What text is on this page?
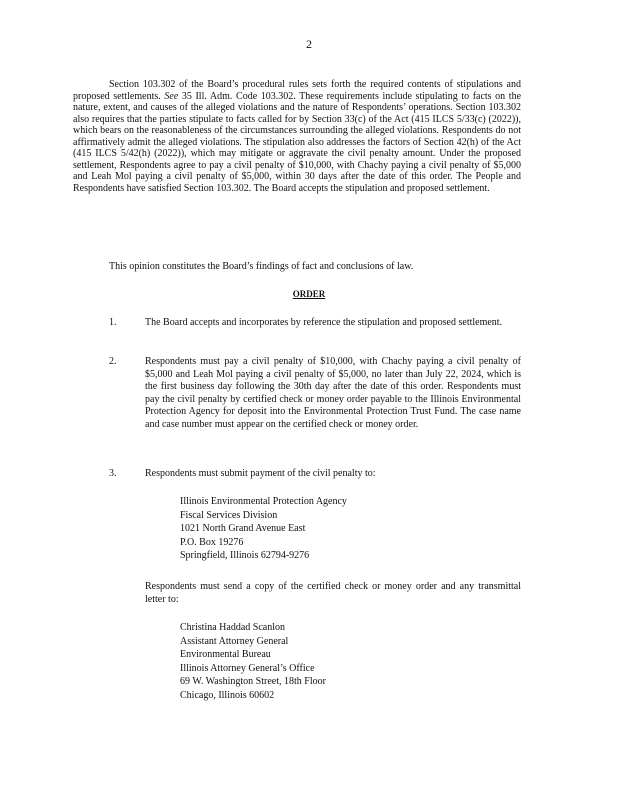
2

Section 103.302 of the Board’s procedural rules sets forth the required contents of stipulations and proposed settlements. See 35 Ill. Adm. Code 103.302. These requirements include stipulating to facts on the nature, extent, and causes of the alleged violations and the nature of Respondents’ operations. Section 103.302 also requires that the parties stipulate to facts called for by Section 33(c) of the Act (415 ILCS 5/33(c) (2022)), which bears on the reasonableness of the circumstances surrounding the alleged violations. Respondents do not affirmatively admit the alleged violations. The stipulation also addresses the factors of Section 42(h) of the Act (415 ILCS 5/42(h) (2022)), which may mitigate or aggravate the civil penalty amount. Under the proposed settlement, Respondents agree to pay a civil penalty of $10,000, with Chachy paying a civil penalty of $5,000 and Leah Mol paying a civil penalty of $5,000, within 30 days after the date of this order. The People and Respondents have satisfied Section 103.302. The Board accepts the stipulation and proposed settlement.

This opinion constitutes the Board’s findings of fact and conclusions of law.

ORDER
1.	The Board accepts and incorporates by reference the stipulation and proposed settlement.
2.	Respondents must pay a civil penalty of $10,000, with Chachy paying a civil penalty of $5,000 and Leah Mol paying a civil penalty of $5,000, no later than July 22, 2024, which is the first business day following the 30th day after the date of this order. Respondents must pay the civil penalty by certified check or money order payable to the Illinois Environmental Protection Agency for deposit into the Environmental Protection Trust Fund. The case name and case number must appear on the certified check or money order.
3.	Respondents must submit payment of the civil penalty to:
Illinois Environmental Protection Agency
Fiscal Services Division
1021 North Grand Avenue East
P.O. Box 19276
Springfield, Illinois 62794-9276
Respondents must send a copy of the certified check or money order and any transmittal letter to:
Christina Haddad Scanlon
Assistant Attorney General
Environmental Bureau
Illinois Attorney General’s Office
69 W. Washington Street, 18th Floor
Chicago, Illinois 60602
